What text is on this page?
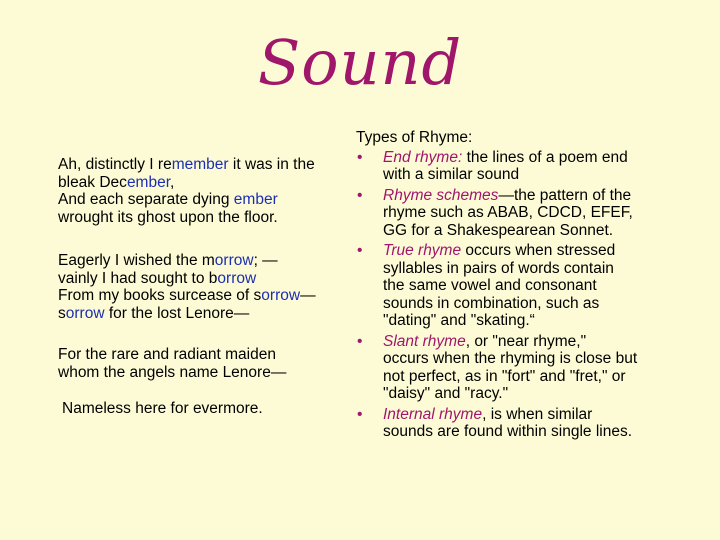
Sound
Ah, distinctly I remember it was in the
bleak December,
And each separate dying ember
wrought its ghost upon the floor.
Eagerly I wished the morrow; —
vainly I had sought to borrow
From my books surcease of sorrow—
sorrow for the lost Lenore—
For the rare and radiant maiden
whom the angels name Lenore—
Nameless here for evermore.
Types of Rhyme:
• End rhyme: the lines of a poem end
with a similar sound
• Rhyme schemes—the pattern of the
rhyme such as ABAB, CDCD, EFEF,
GG for a Shakespearean Sonnet.
• True rhyme occurs when stressed
syllables in pairs of words contain
the same vowel and consonant
sounds in combination, such as
"dating" and "skating.“
• Slant rhyme, or "near rhyme,"
occurs when the rhyming is close but
not perfect, as in "fort" and "fret," or
"daisy" and "racy."
• Internal rhyme, is when similar
sounds are found within single lines.
